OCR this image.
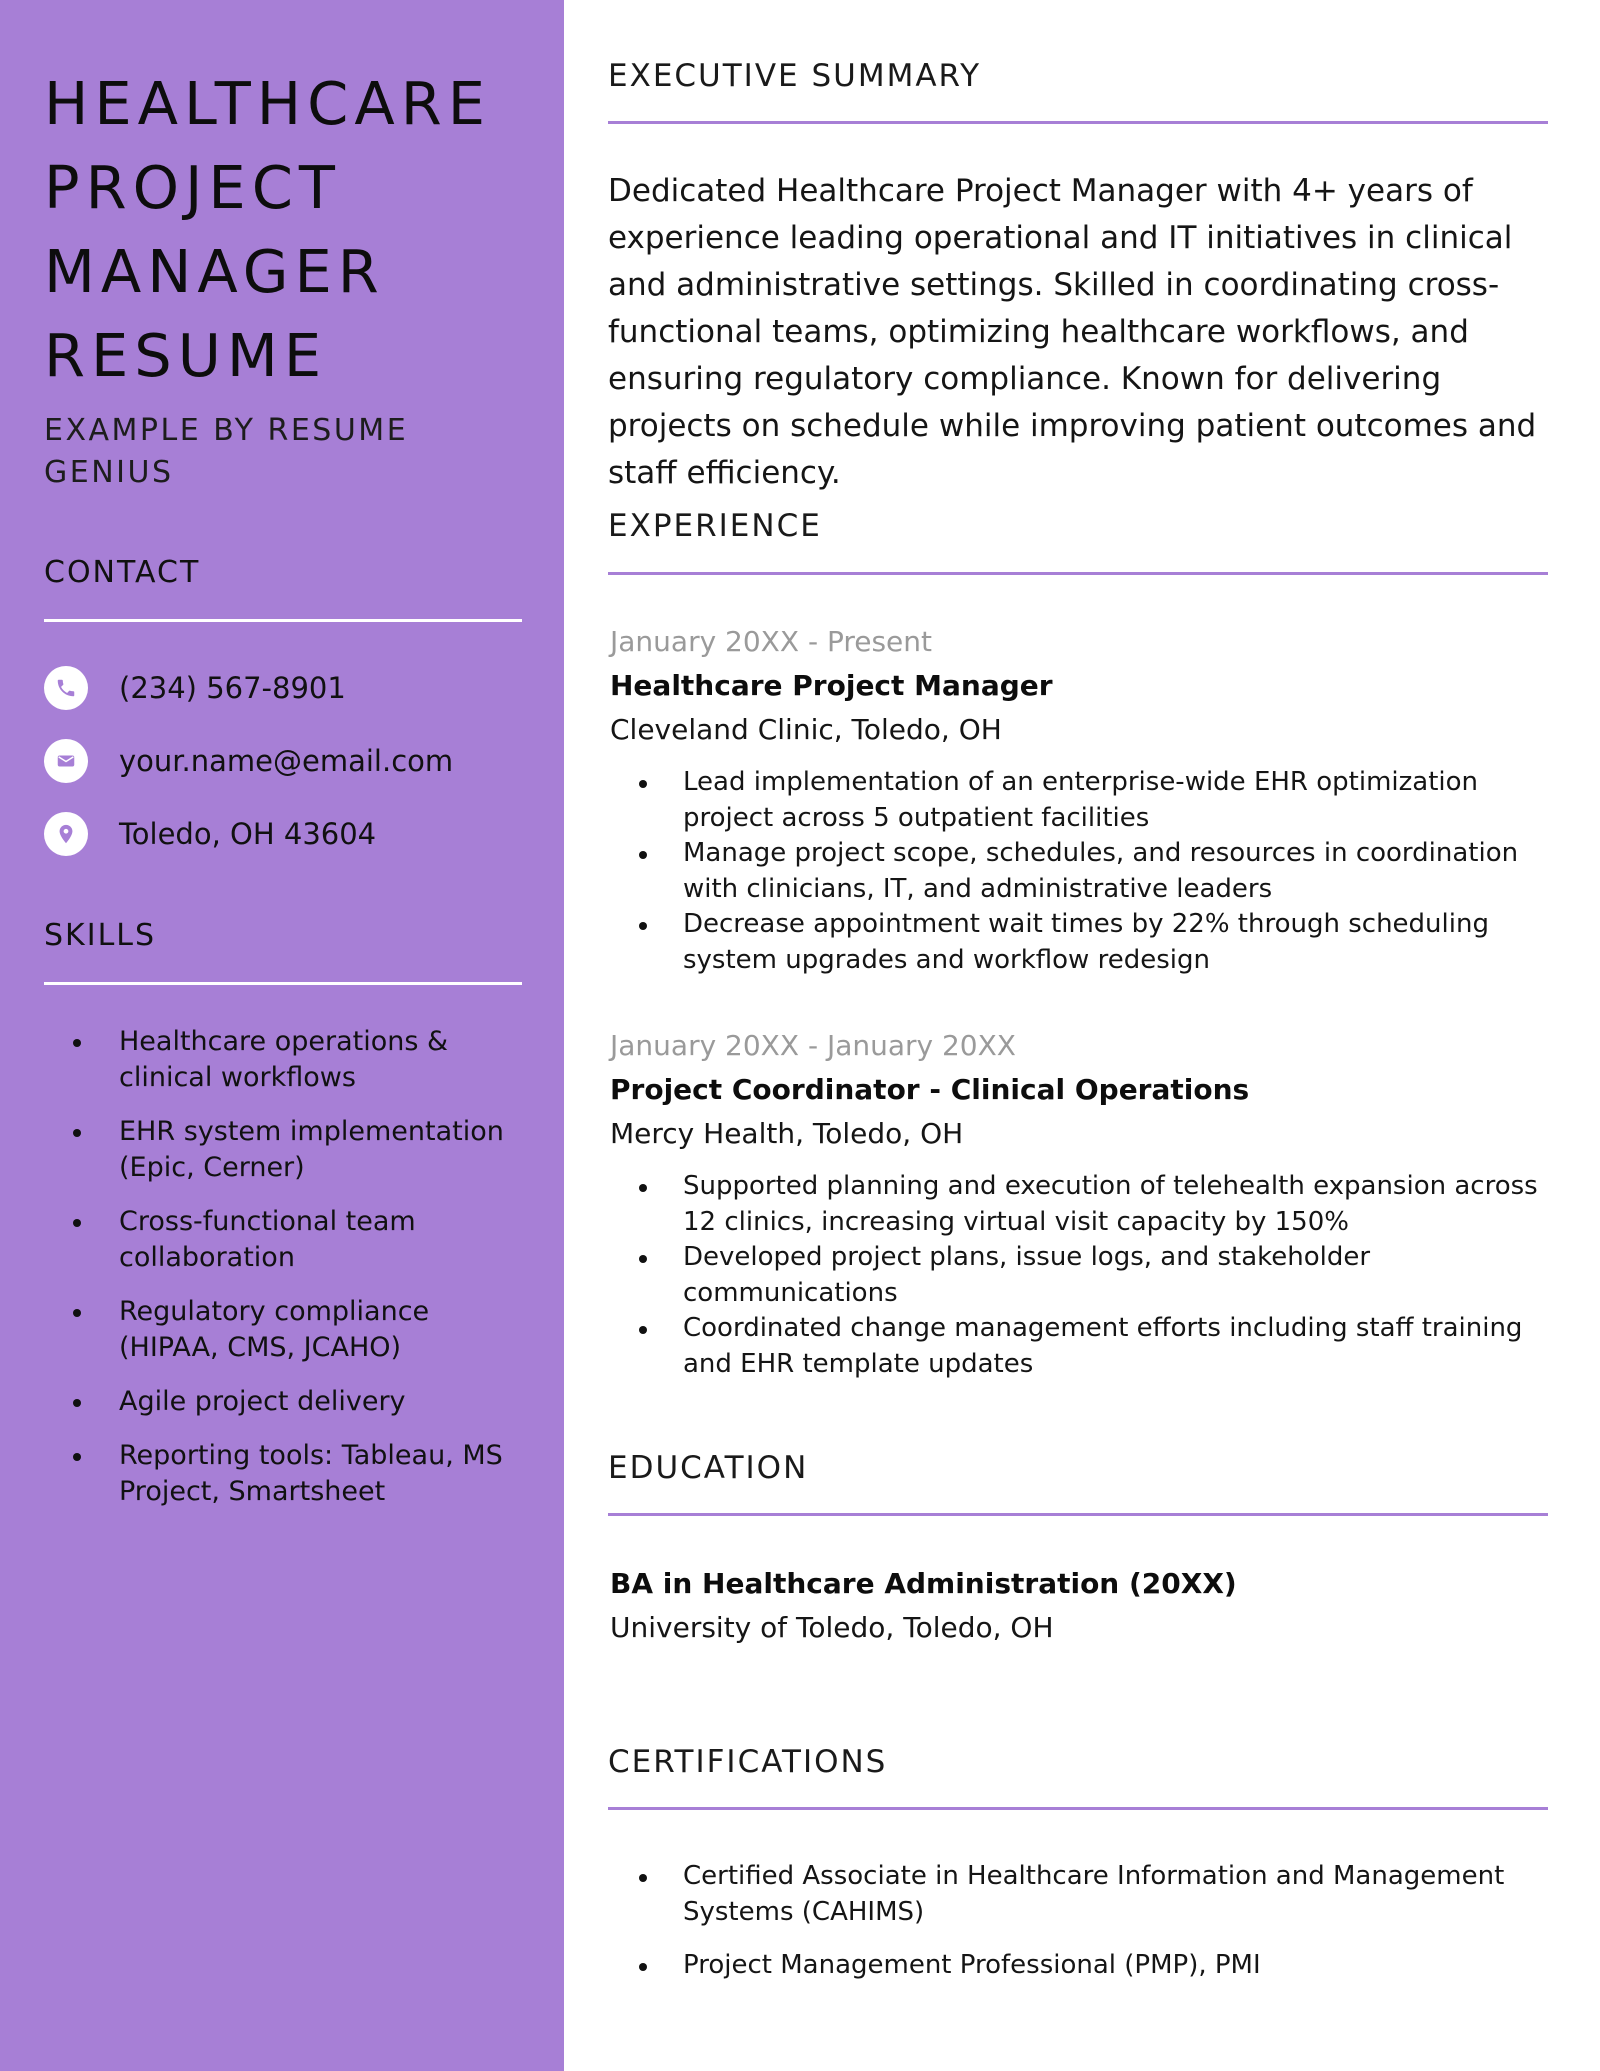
HEALTHCARE
PROJECT
MANAGER
RESUME

EXAMPLE BY RESUME GENIUS

CONTACT
(234) 567-8901
your.name@email.com
Toledo, OH 43604
SKILLS
Healthcare operations & clinical workflows
EHR system implementation (Epic, Cerner)
Cross-functional team collaboration
Regulatory compliance (HIPAA, CMS, JCAHO)
Agile project delivery
Reporting tools: Tableau, MS Project, Smartsheet
EXECUTIVE SUMMARY

Dedicated Healthcare Project Manager with 4+ years of experience leading operational and IT initiatives in clinical and administrative settings. Skilled in coordinating cross-functional teams, optimizing healthcare workflows, and ensuring regulatory compliance. Known for delivering projects on schedule while improving patient outcomes and staff efficiency.

EXPERIENCE
January 20XX - Present
Healthcare Project Manager
Cleveland Clinic, Toledo, OH
Lead implementation of an enterprise-wide EHR optimization project across 5 outpatient facilities
Manage project scope, schedules, and resources in coordination with clinicians, IT, and administrative leaders
Decrease appointment wait times by 22% through scheduling system upgrades and workflow redesign
January 20XX - January 20XX
Project Coordinator - Clinical Operations
Mercy Health, Toledo, OH
Supported planning and execution of telehealth expansion across 12 clinics, increasing virtual visit capacity by 150%
Developed project plans, issue logs, and stakeholder communications
Coordinated change management efforts including staff training and EHR template updates
EDUCATION
BA in Healthcare Administration (20XX)
University of Toledo, Toledo, OH
CERTIFICATIONS
Certified Associate in Healthcare Information and Management Systems (CAHIMS)
Project Management Professional (PMP), PMI
